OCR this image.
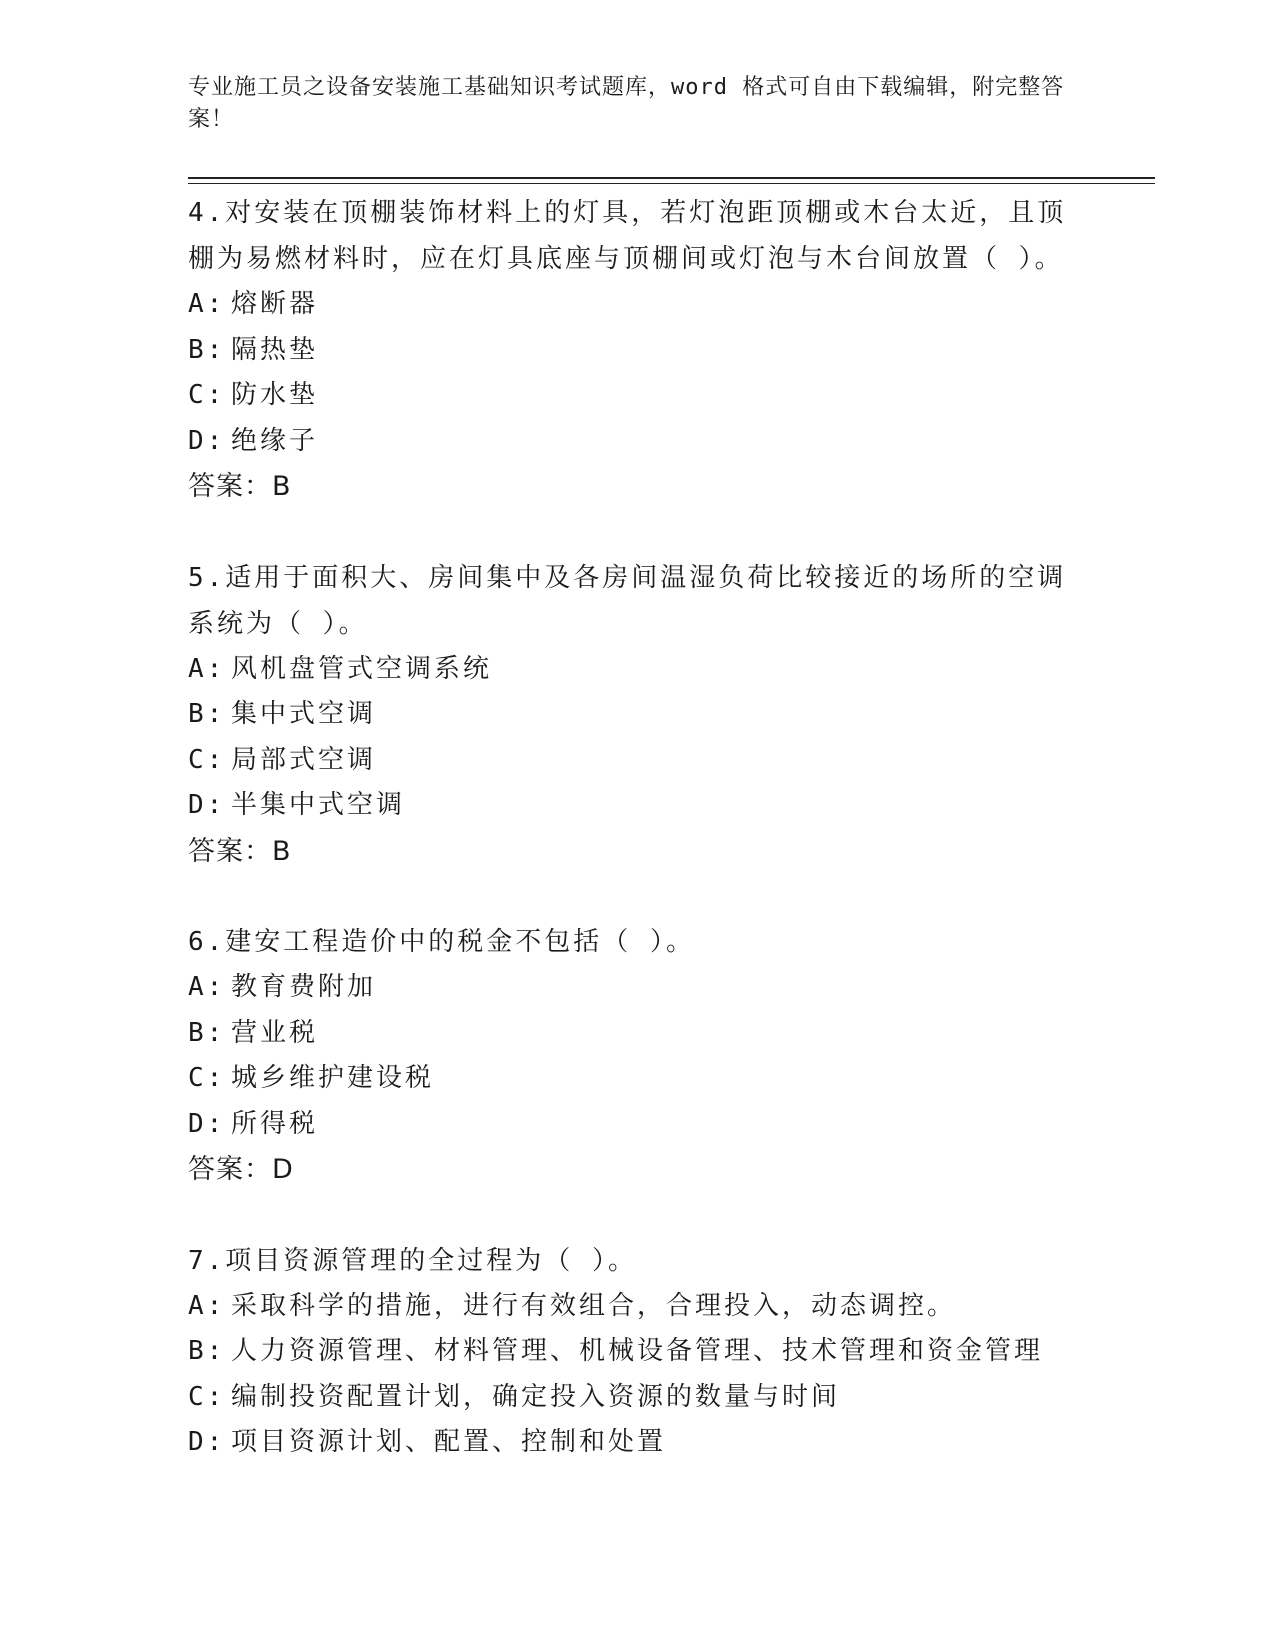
专业施工员之设备安装施工基础知识考试题库，word 格式可自由下载编辑，附完整答案！

4.对安装在顶棚装饰材料上的灯具，若灯泡距顶棚或木台太近，且顶棚为易燃材料时，应在灯具底座与顶棚间或灯泡与木台间放置（ ）。

A: 熔断器

B: 隔热垫

C: 防水垫

D: 绝缘子

答案：B

5.适用于面积大、房间集中及各房间温湿负荷比较接近的场所的空调系统为（ ）。

A: 风机盘管式空调系统

B: 集中式空调

C: 局部式空调

D: 半集中式空调

答案：B

6.建安工程造价中的税金不包括（ ）。

A: 教育费附加

B: 营业税

C: 城乡维护建设税

D: 所得税

答案：D

7.项目资源管理的全过程为（ ）。

A: 采取科学的措施，进行有效组合，合理投入，动态调控。

B: 人力资源管理、材料管理、机械设备管理、技术管理和资金管理

C: 编制投资配置计划，确定投入资源的数量与时间

D: 项目资源计划、配置、控制和处置
